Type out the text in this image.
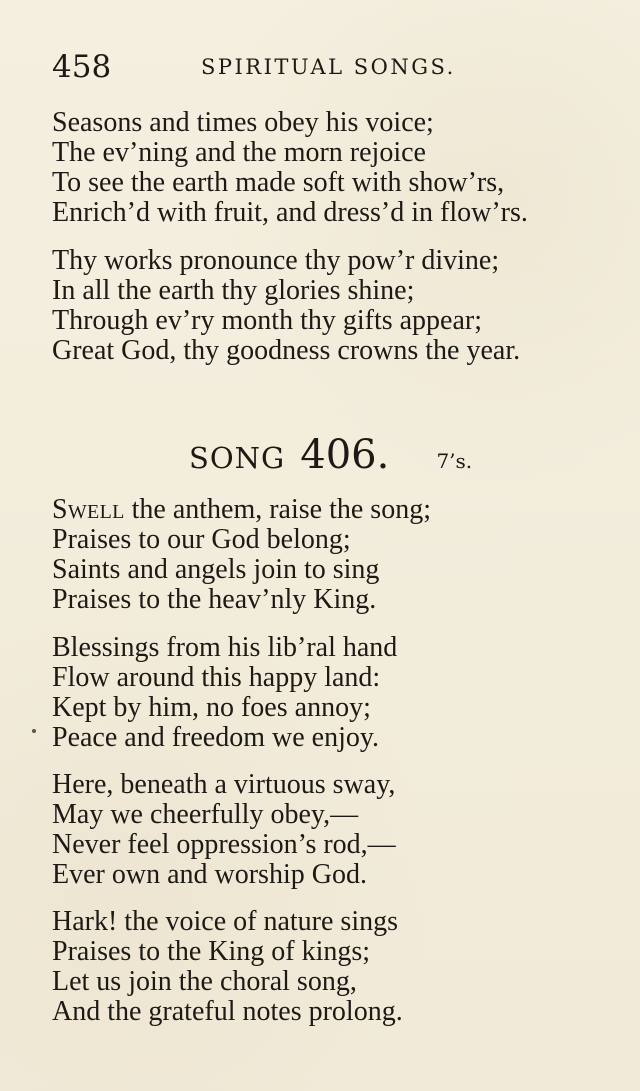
458	SPIRITUAL SONGS.
Seasons and times obey his voice;
The ev’ning and the morn rejoice
To see the earth made soft with show’rs,
Enrich’d with fruit, and dress’d in flow’rs.
Thy works pronounce thy pow’r divine;
In all the earth thy glories shine;
Through ev’ry month thy gifts appear;
Great God, thy goodness crowns the year.
SONG 406. 7’s.
Swell the anthem, raise the song;
Praises to our God belong;
Saints and angels join to sing
Praises to the heav’nly King.
Blessings from his lib’ral hand
Flow around this happy land:
Kept by him, no foes annoy;
Peace and freedom we enjoy.
Here, beneath a virtuous sway,
May we cheerfully obey,—
Never feel oppression’s rod,—
Ever own and worship God.
Hark! the voice of nature sings
Praises to the King of kings;
Let us join the choral song,
And the grateful notes prolong.
